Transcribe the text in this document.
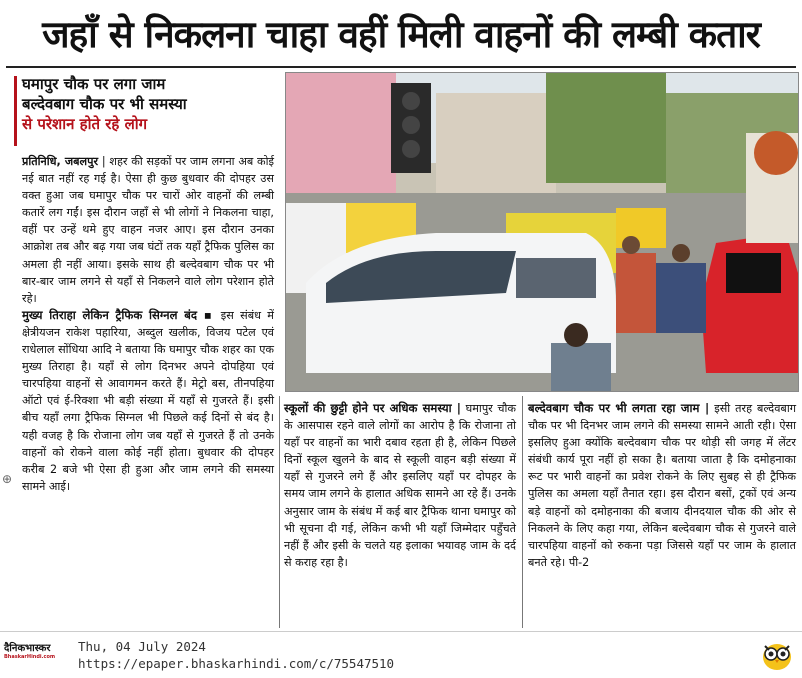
जहाँ से निकलना चाहा वहीं मिली वाहनों की लम्बी कतार
घमापुर चौक पर लगा जाम
बल्देवबाग चौक पर भी समस्या
से परेशान होते रहे लोग

प्रतिनिधि, जबलपुर | शहर की सड़कों पर जाम लगना अब कोई नई बात नहीं रह गई है। ऐसा ही कुछ बुधवार की दोपहर उस वक्त हुआ जब घमापुर चौक पर चारों ओर वाहनों की लम्बी कतारें लग गईं। इस दौरान जहाँ से भी लोगों ने निकलना चाहा, वहीं पर उन्हें थमे हुए वाहन नजर आए। इस दौरान उनका आक्रोश तब और बढ़ गया जब घंटों तक यहाँ ट्रैफिक पुलिस का अमला ही नहीं आया। इसके साथ ही बल्देवबाग चौक पर भी बार-बार जाम लगने से यहाँ से निकलने वाले लोग परेशान होते रहे।

मुख्य तिराहा लेकिन ट्रैफिक सिग्नल बंद ▪ इस संबंध में क्षेत्रीयजन राकेश पहारिया, अब्दुल खलीक, विजय पटेल एवं राधेलाल सोंधिया आदि ने बताया कि घमापुर चौक शहर का एक मुख्य तिराहा है। यहाँ से लोग दिनभर अपने दोपहिया एवं चारपहिया वाहनों से आवागमन करते हैं। मेट्रो बस, तीनपहिया ऑटो एवं ई-रिक्शा भी बड़ी संख्या में यहाँ से गुजरते हैं। इसी बीच यहाँ लगा ट्रैफिक सिग्नल भी पिछले कई दिनों से बंद है। यही वजह है कि रोजाना लोग जब यहाँ से गुजरते हैं तो उनके वाहनों को रोकने वाला कोई नहीं होता। बुधवार की दोपहर करीब 2 बजे भी ऐसा ही हुआ और जाम लगने की समस्या सामने आई।

स्कूलों की छुट्टी होने पर अधिक समस्या | घमापुर चौक के आसपास रहने वाले लोगों का आरोप है कि रोजाना तो यहाँ पर वाहनों का भारी दबाव रहता ही है, लेकिन पिछले दिनों स्कूल खुलने के बाद से स्कूली वाहन बड़ी संख्या में यहाँ से गुजरने लगे हैं और इसलिए यहाँ पर दोपहर के समय जाम लगने के हालात अधिक सामने आ रहे हैं। उनके अनुसार जाम के संबंध में कई बार ट्रैफिक थाना घमापुर को भी सूचना दी गई, लेकिन कभी भी यहाँ जिम्मेदार पहुँचते नहीं हैं और इसी के चलते यह इलाका भयावह जाम के दर्द से कराह रहा है।

बल्देवबाग चौक पर भी लगता रहा जाम | इसी तरह बल्देवबाग चौक पर भी दिनभर जाम लगने की समस्या सामने आती रही। ऐसा इसलिए हुआ क्योंकि बल्देवबाग चौक पर थोड़ी सी जगह में लेंटर संबंधी कार्य पूरा नहीं हो सका है। बताया जाता है कि दमोहनाका रूट पर भारी वाहनों का प्रवेश रोकने के लिए सुबह से ही ट्रैफिक पुलिस का अमला यहाँ तैनात रहा। इस दौरान बसों, ट्रकों एवं अन्य बड़े वाहनों को दमोहनाका की बजाय दीनदयाल चौक की ओर से निकलने के लिए कहा गया, लेकिन बल्देवबाग चौक से गुजरने वाले चारपहिया वाहनों को रुकना पड़ा जिससे यहाँ पर जाम के हालात बनते रहे। पी-2

⊕
दैनिकभास्कर
BhaskarHindi.com
Thu, 04 July 2024
https://epaper.bhaskarhindi.com/c/75547510
